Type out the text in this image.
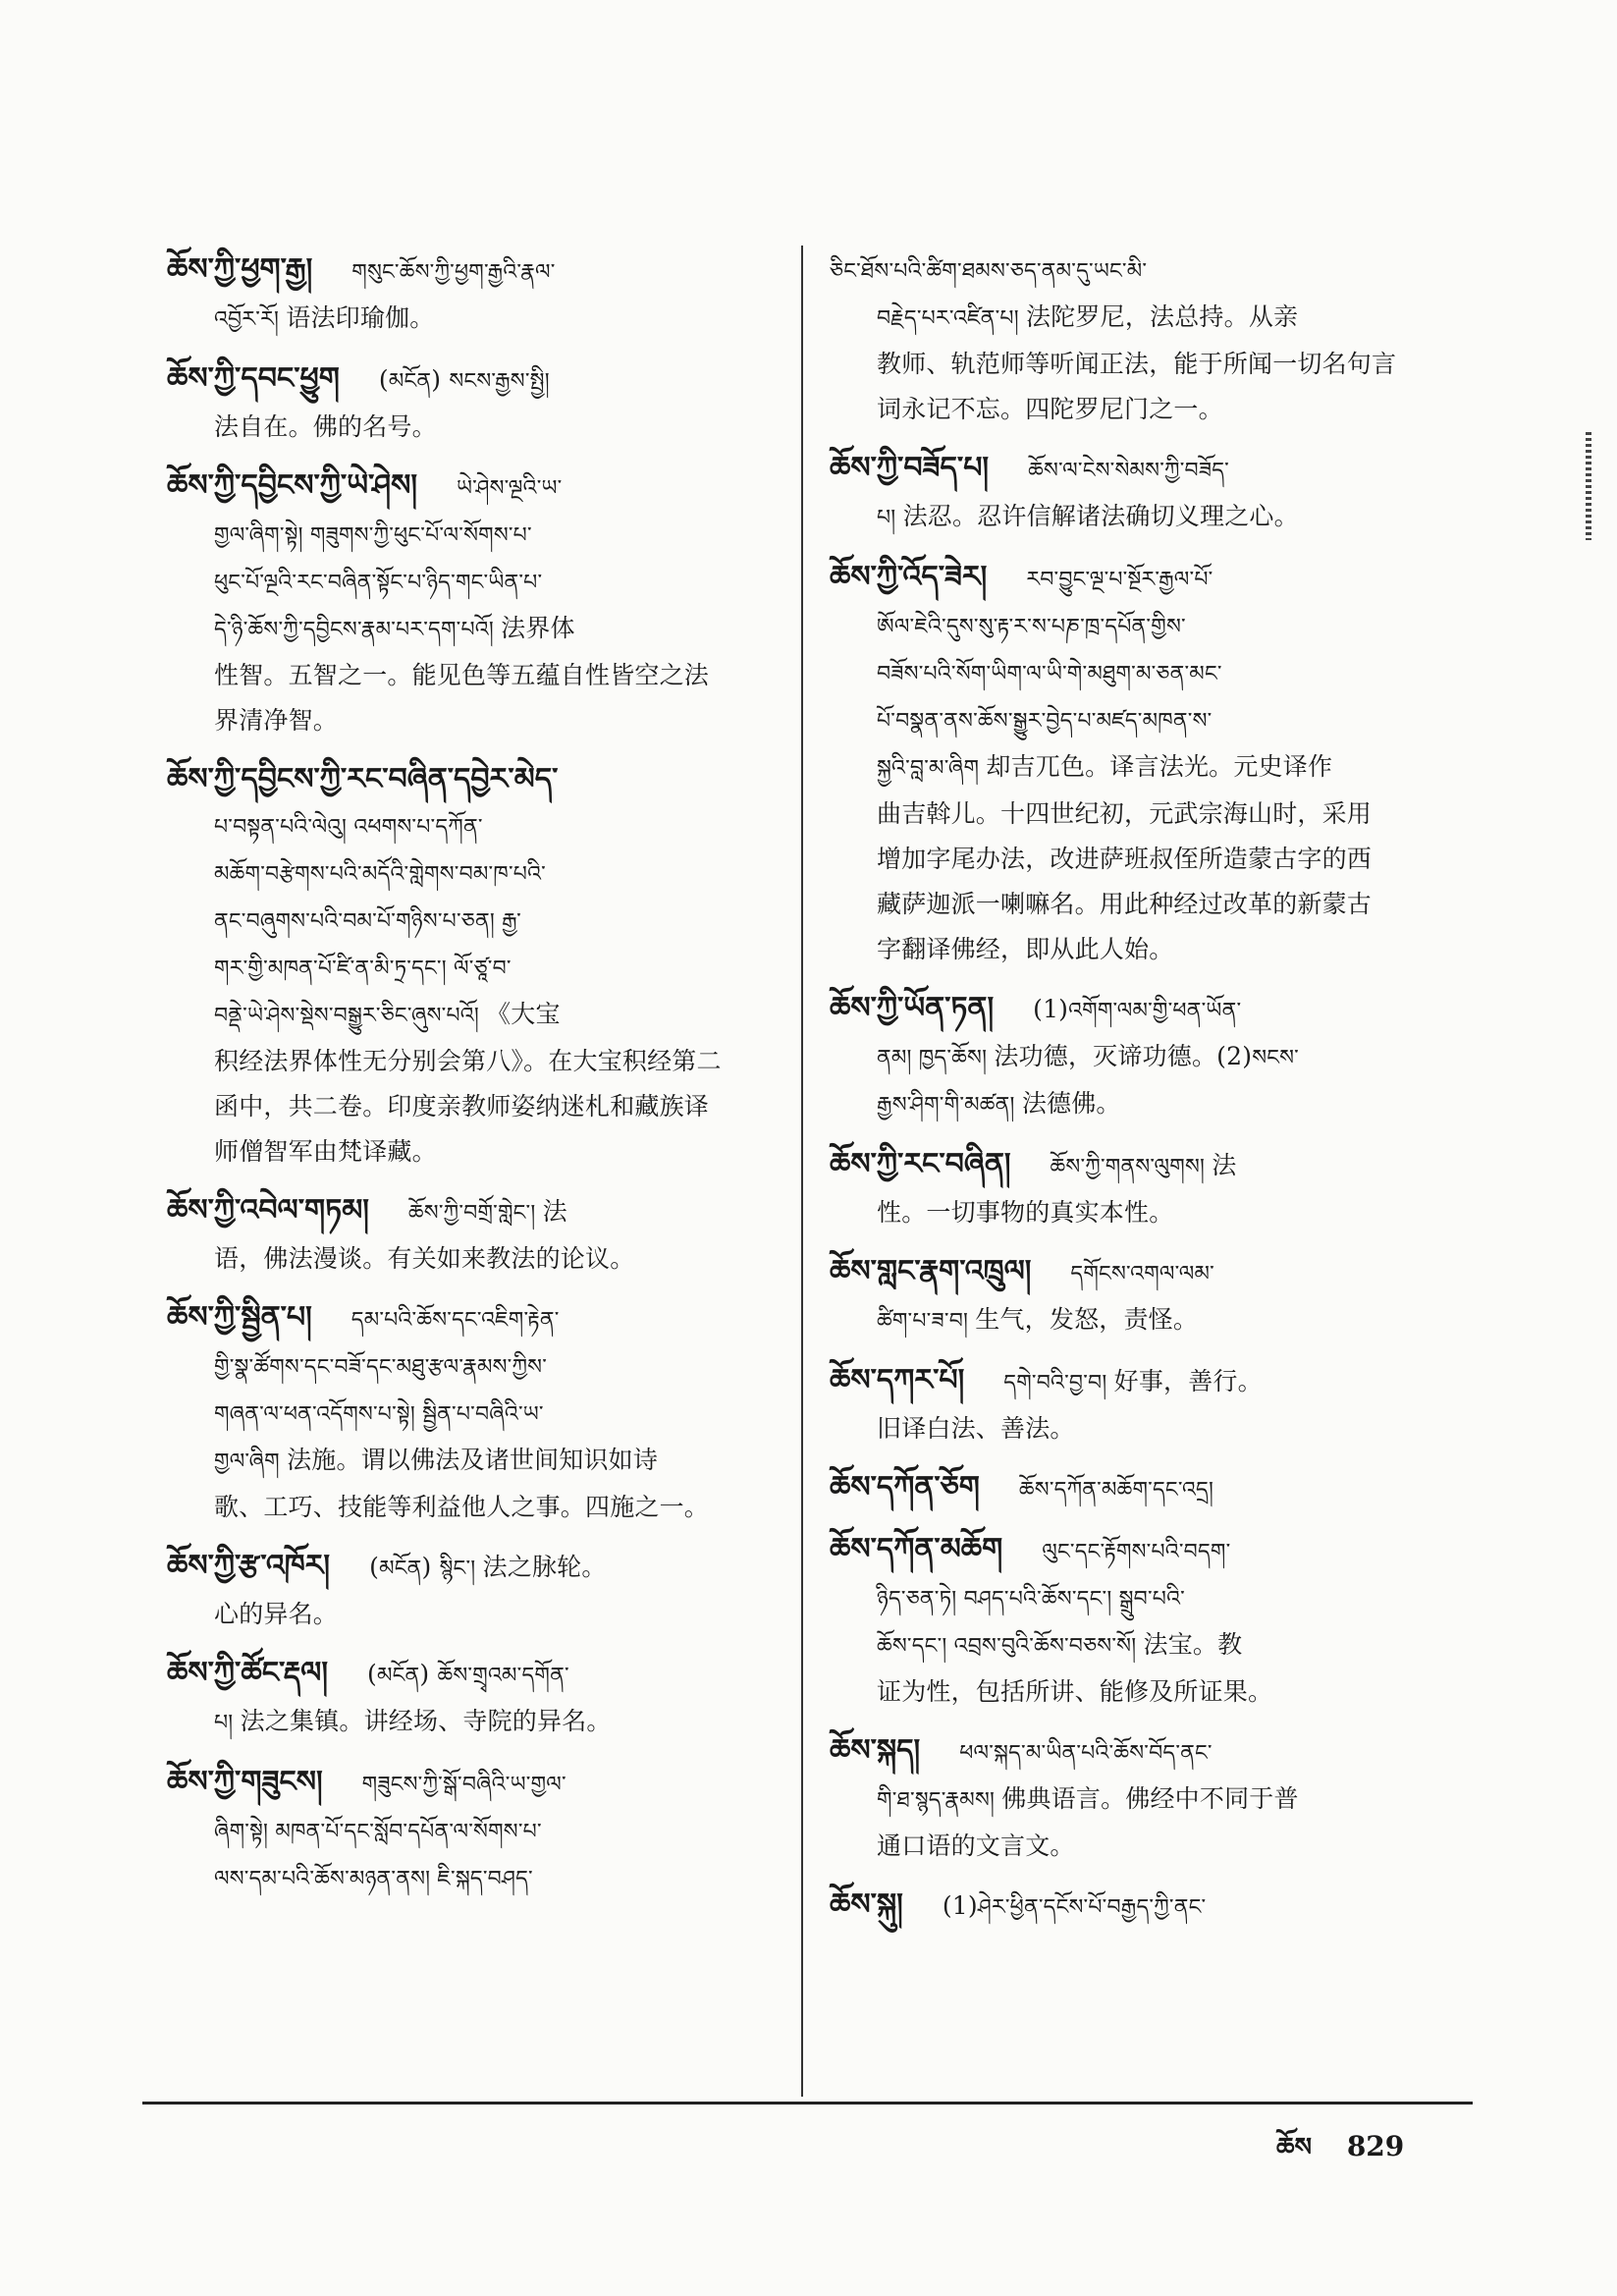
ཆོས་ཀྱི་ཕྱག་རྒྱ། གསུང་ཆོས་ཀྱི་ཕྱག་རྒྱའི་རྣལ་
འབྱོར་རོ། 语法印瑜伽。
ཆོས་ཀྱི་དབང་ཕྱུག (མངོན) སངས་རྒྱས་སྤྱི།
法自在。佛的名号。
ཆོས་ཀྱི་དབྱིངས་ཀྱི་ཡེ་ཤེས། ཡེ་ཤེས་ལྔའི་ཡ་
གྱལ་ཞིག་སྟེ། གཟུགས་ཀྱི་ཕུང་པོ་ལ་སོགས་པ་
ཕུང་པོ་ལྔའི་རང་བཞིན་སྟོང་པ་ཉིད་གང་ཡིན་པ་
དེ་ཉི་ཆོས་ཀྱི་དབྱིངས་རྣམ་པར་དག་པའོ། 法界体
性智。五智之一。能见色等五蕴自性皆空之法
界清净智。
ཆོས་ཀྱི་དབྱིངས་ཀྱི་རང་བཞིན་དབྱེར་མེད་
པ་བསྟན་པའི་ལེའུ། འཕགས་པ་དཀོན་
མཆོག་བརྩེགས་པའི་མདོའི་གླེགས་བམ་ཁ་པའི་
ནང་བཞུགས་པའི་བམ་པོ་གཉིས་པ་ཅན། རྒྱ་
གར་གྱི་མཁན་པོ་ཛི་ན་མི་ཏྲ་དང་། ལོ་ཙཱ་བ་
བནྡེ་ཡེ་ཤེས་སྡེས་བསྒྱུར་ཅིང་ཞུས་པའོ། 《大宝
积经法界体性无分别会第八》。在大宝积经第二
函中，共二卷。印度亲教师姿纳迷札和藏族译
师僧智军由梵译藏。
ཆོས་ཀྱི་འབེལ་གཏམ། ཆོས་ཀྱི་བགྲོ་གླེང་། 法
语，佛法漫谈。有关如来教法的论议。
ཆོས་ཀྱི་སྦྱིན་པ། དམ་པའི་ཆོས་དང་འཇིག་རྟེན་
གྱི་སྣ་ཚོགས་དང་བཟོ་དང་མཐུ་རྩལ་རྣམས་ཀྱིས་
གཞན་ལ་ཕན་འདོགས་པ་སྟེ། སྦྱིན་པ་བཞིའི་ཡ་
གྱལ་ཞིག 法施。谓以佛法及诸世间知识如诗
歌、工巧、技能等利益他人之事。四施之一。
ཆོས་ཀྱི་རྩ་འཁོར། (མངོན) སྙིང་། 法之脉轮。
心的异名。
ཆོས་ཀྱི་ཚོང་རྡལ། (མངོན) ཆོས་གྲྭའམ་དགོན་
པ། 法之集镇。讲经场、寺院的异名。
ཆོས་ཀྱི་གཟུངས། གཟུངས་ཀྱི་སྒོ་བཞིའི་ཡ་གྱལ་
ཞིག་སྟེ། མཁན་པོ་དང་སློབ་དཔོན་ལ་སོགས་པ་
ལས་དམ་པའི་ཆོས་མཉན་ནས། ཇི་སྐད་བཤད་
ཅིང་ཐོས་པའི་ཚིག་ཐམས་ཅད་ནམ་དུ་ཡང་མི་
བརྗེད་པར་འཛིན་པ། 法陀罗尼，法总持。从亲
教师、轨范师等听闻正法，能于所闻一切名句言
词永记不忘。四陀罗尼门之一。
ཆོས་ཀྱི་བཟོད་པ། ཆོས་ལ་ངེས་སེམས་ཀྱི་བཟོད་
པ། 法忍。忍许信解诸法确切义理之心。
ཆོས་ཀྱི་འོད་ཟེར། རབ་བྱུང་ལྔ་པ་སྔོར་རྒྱལ་པོ་
ཨོལ་ཇེའི་དུས་སུ་རྟ་ར་ས་པཎ་ཁྲ་དཔོན་གྱིས་
བཟོས་པའི་སོག་ཡིག་ལ་ཡི་གེ་མཐུག་མ་ཅན་མང་
པོ་བསྣན་ནས་ཆོས་སྒྱུར་བྱེད་པ་མཛད་མཁན་ས་
སྐྱའི་བླ་མ་ཞིག 却吉兀色。译言法光。元史译作
曲吉斡儿。十四世纪初，元武宗海山时，采用
增加字尾办法，改进萨班叔侄所造蒙古字的西
藏萨迦派一喇嘛名。用此种经过改革的新蒙古
字翻译佛经，即从此人始。
ཆོས་ཀྱི་ཡོན་ཏན། (1)འགོག་ལམ་གྱི་ཕན་ཡོན་
ནམ། ཁྱད་ཆོས། 法功德，灭谛功德。(2)སངས་
རྒྱས་ཤིག་གི་མཚན། 法德佛。
ཆོས་ཀྱི་རང་བཞིན། ཆོས་ཀྱི་གནས་ལུགས། 法
性。一切事物的真实本性。
ཆོས་གླང་རྣག་འཁྲུལ། དགོངས་འགལ་ལམ་
ཚིག་པ་ཟ་བ། 生气，发怒，责怪。
ཆོས་དཀར་པོ། དགེ་བའི་བྱ་བ། 好事，善行。
旧译白法、善法。
ཆོས་དཀོན་ཅོག ཆོས་དཀོན་མཆོག་དང་འདྲ།
ཆོས་དཀོན་མཆོག ལུང་དང་རྟོགས་པའི་བདག་
ཉིད་ཅན་ཏེ། བཤད་པའི་ཆོས་དང་། སྒྲུབ་པའི་
ཆོས་དང་། འབྲས་བུའི་ཆོས་བཅས་སོ། 法宝。教
证为性，包括所讲、能修及所证果。
ཆོས་སྐད། ཕལ་སྐད་མ་ཡིན་པའི་ཆོས་བོད་ནང་
གི་ཐ་སྙད་རྣམས། 佛典语言。佛经中不同于普
通口语的文言文。
ཆོས་སྐུ། (1)ཤེར་ཕྱིན་དངོས་པོ་བརྒྱད་ཀྱི་ནང་
ཆོས 829
